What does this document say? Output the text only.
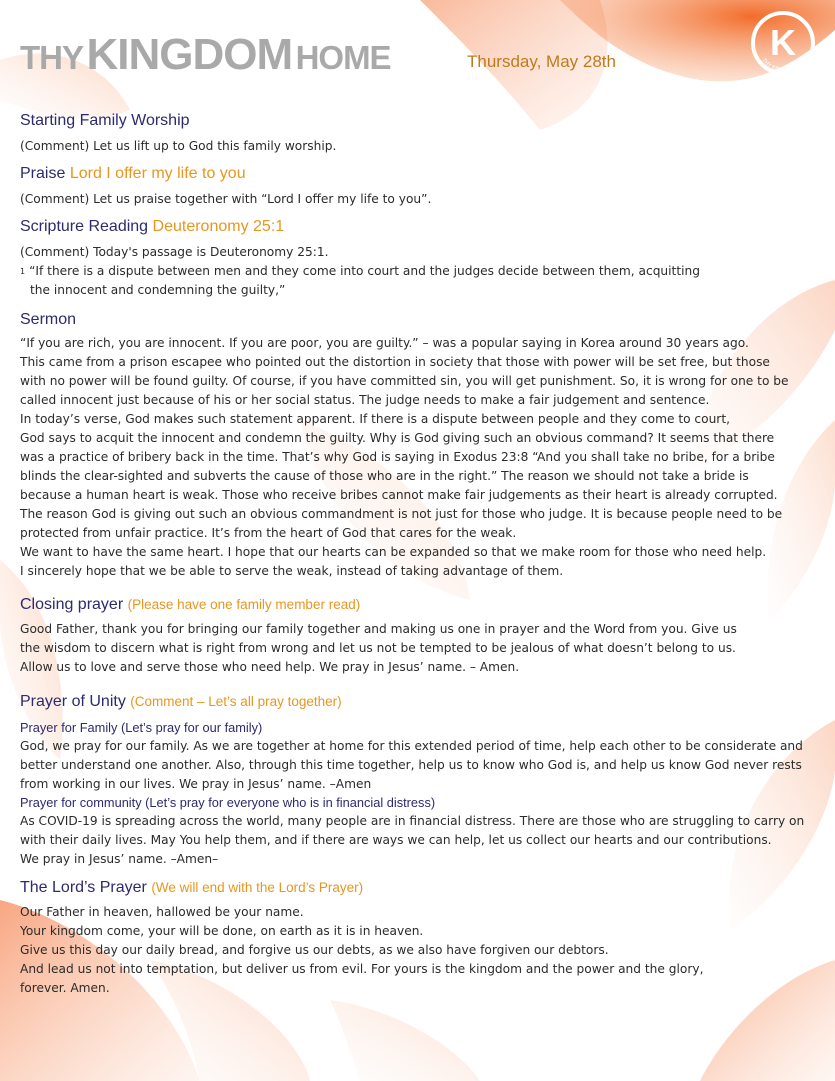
THY KINGDOM HOME	Thursday, May 28th	K
THY KINGDOM H
Starting Family Worship
(Comment) Let us lift up to God this family worship.
Praise Lord I offer my life to you
(Comment) Let us praise together with “Lord I offer my life to you”.
Scripture Reading Deuteronomy 25:1
(Comment) Today's passage is Deuteronomy 25:1.
$^1$ “If there is a dispute between men and they come into court and the judges decide between them, acquitting
the innocent and condemning the guilty,”
Sermon
“If you are rich, you are innocent. If you are poor, you are guilty.” – was a popular saying in Korea around 30 years ago.
This came from a prison escapee who pointed out the distortion in society that those with power will be set free, but those
with no power will be found guilty. Of course, if you have committed sin, you will get punishment. So, it is wrong for one to be
called innocent just because of his or her social status. The judge needs to make a fair judgement and sentence.
In today’s verse, God makes such statement apparent. If there is a dispute between people and they come to court,
God says to acquit the innocent and condemn the guilty. Why is God giving such an obvious command? It seems that there
was a practice of bribery back in the time. That’s why God is saying in Exodus 23:8 “And you shall take no bribe, for a bribe
blinds the clear-sighted and subverts the cause of those who are in the right.” The reason we should not take a bride is
because a human heart is weak. Those who receive bribes cannot make fair judgements as their heart is already corrupted.
The reason God is giving out such an obvious commandment is not just for those who judge. It is because people need to be
protected from unfair practice. It’s from the heart of God that cares for the weak.
We want to have the same heart. I hope that our hearts can be expanded so that we make room for those who need help.
I sincerely hope that we be able to serve the weak, instead of taking advantage of them.
Closing prayer (Please have one family member read)
Good Father, thank you for bringing our family together and making us one in prayer and the Word from you. Give us
the wisdom to discern what is right from wrong and let us not be tempted to be jealous of what doesn’t belong to us.
Allow us to love and serve those who need help. We pray in Jesus’ name. – Amen.
Prayer of Unity (Comment – Let’s all pray together)
Prayer for Family (Let’s pray for our family)
God, we pray for our family. As we are together at home for this extended period of time, help each other to be considerate and
better understand one another. Also, through this time together, help us to know who God is, and help us know God never rests
from working in our lives. We pray in Jesus’ name. –Amen
Prayer for community (Let’s pray for everyone who is in financial distress)
As COVID-19 is spreading across the world, many people are in financial distress. There are those who are struggling to carry on
with their daily lives. May You help them, and if there are ways we can help, let us collect our hearts and our contributions.
We pray in Jesus’ name. –Amen–
The Lord’s Prayer (We will end with the Lord’s Prayer)
Our Father in heaven, hallowed be your name.
Your kingdom come, your will be done, on earth as it is in heaven.
Give us this day our daily bread, and forgive us our debts, as we also have forgiven our debtors.
And lead us not into temptation, but deliver us from evil. For yours is the kingdom and the power and the glory,
forever. Amen.
